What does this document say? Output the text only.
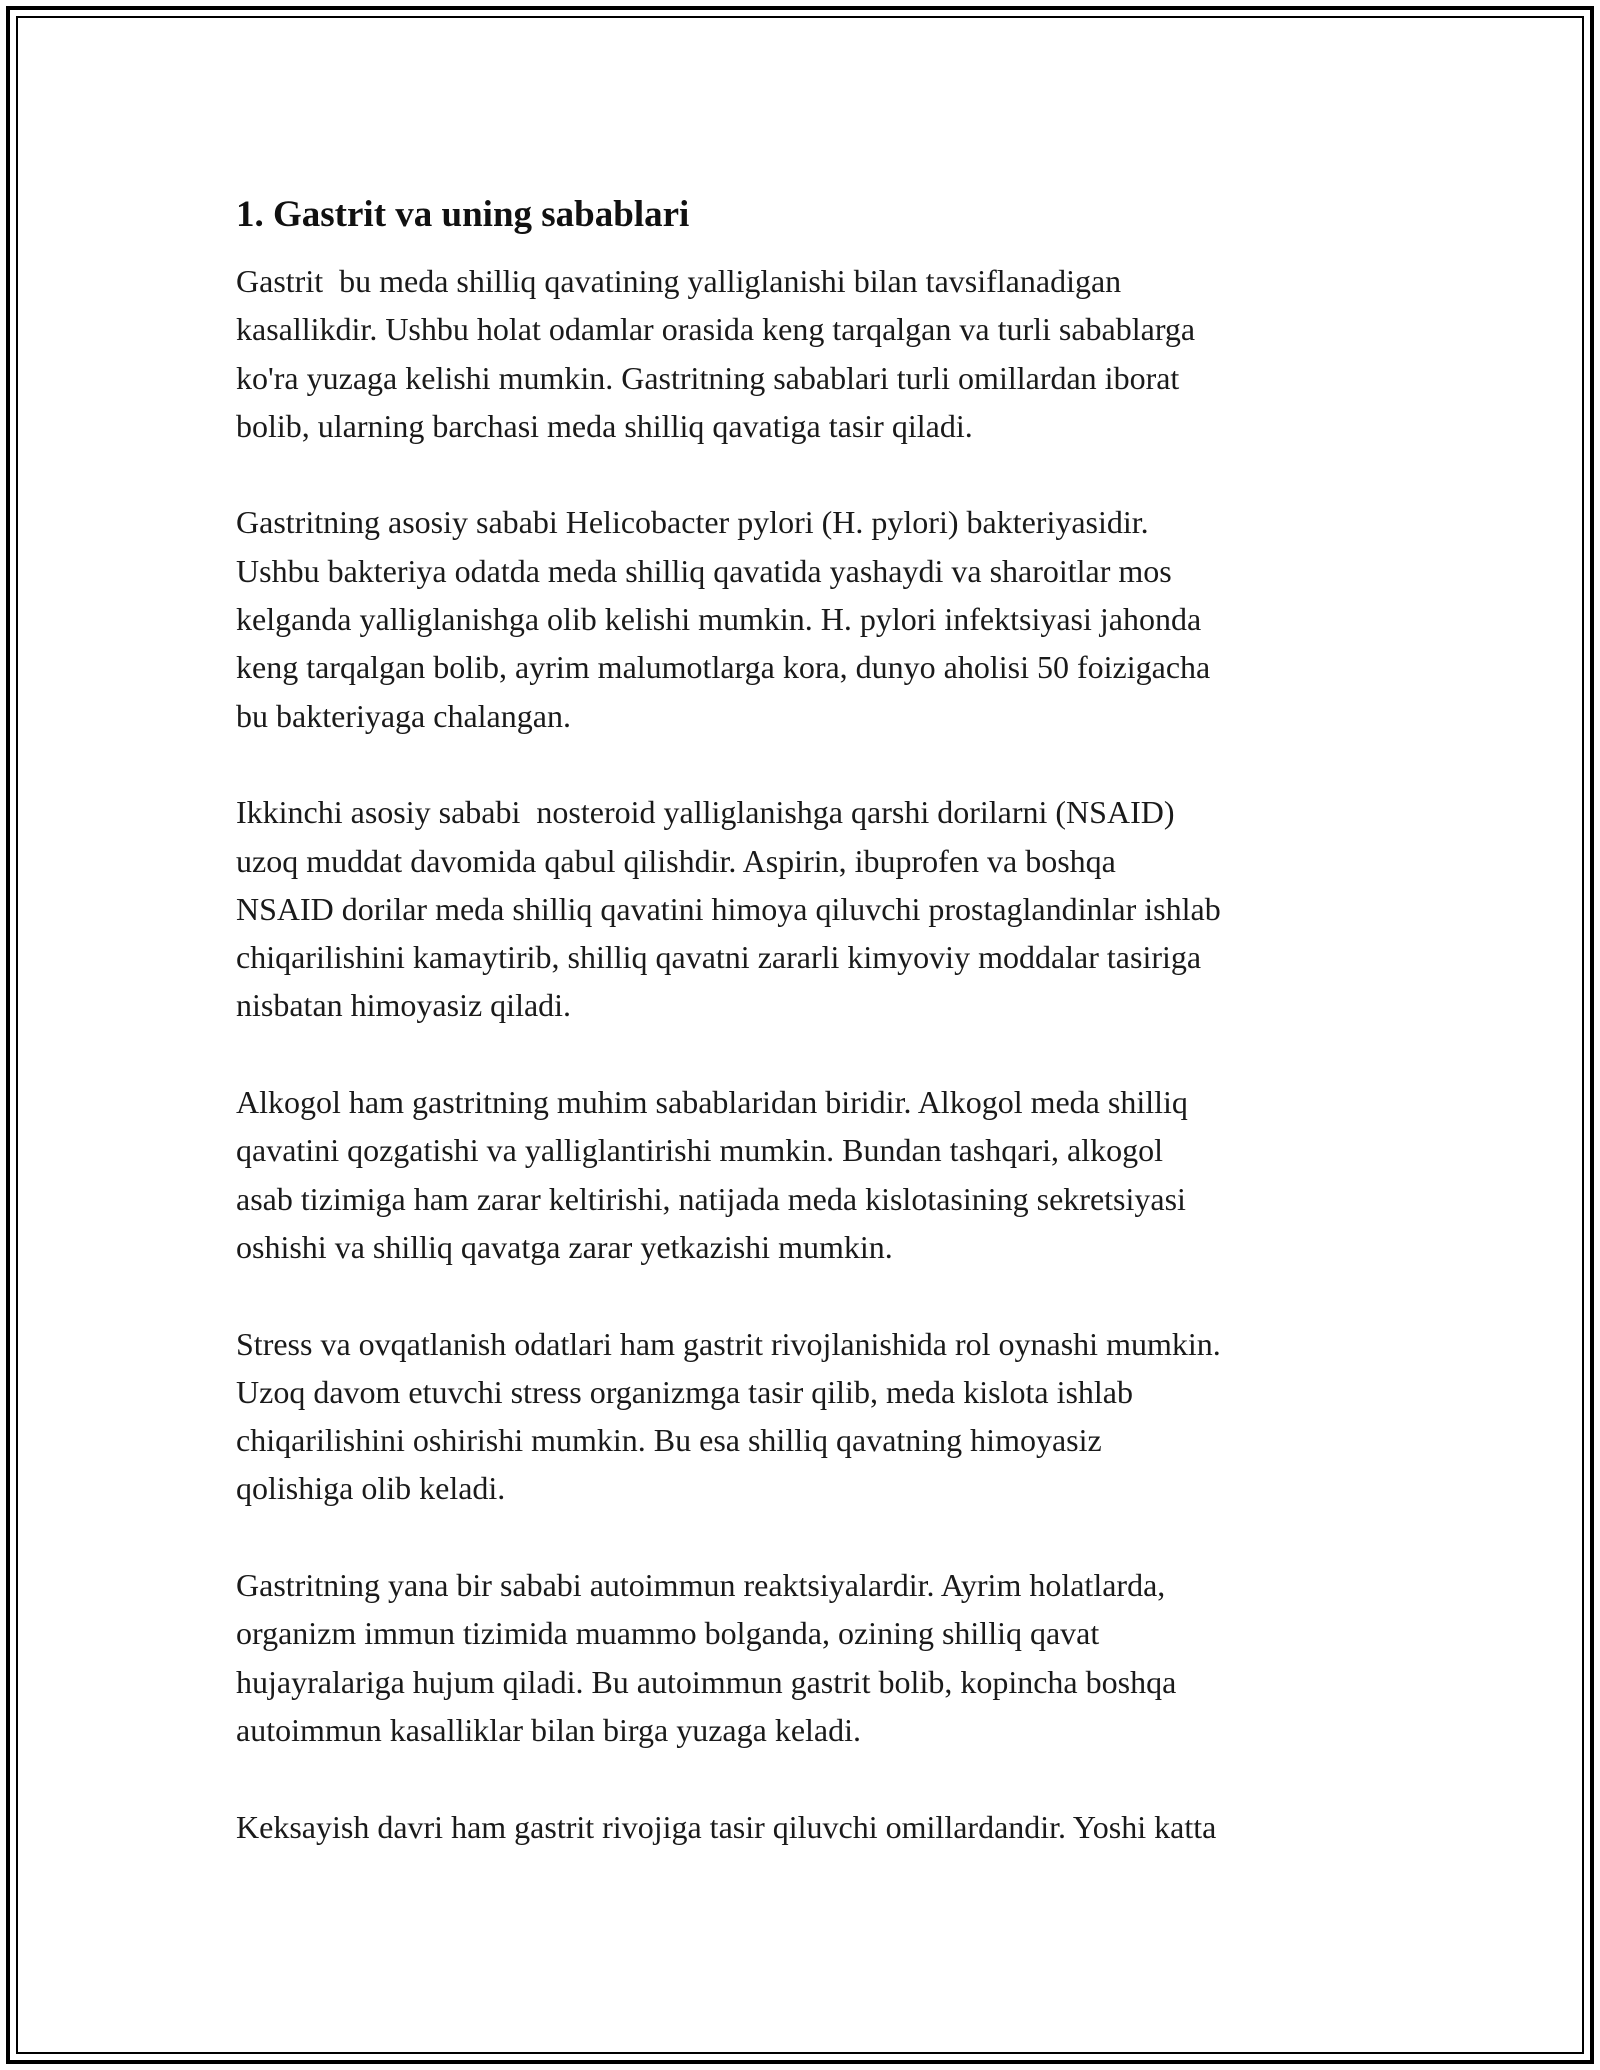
1. Gastrit va uning sabablari

Gastrit  bu meda shilliq qavatining yalliglanishi bilan tavsiflanadigan
kasallikdir. Ushbu holat odamlar orasida keng tarqalgan va turli sabablarga
ko'ra yuzaga kelishi mumkin. Gastritning sabablari turli omillardan iborat
bolib, ularning barchasi meda shilliq qavatiga tasir qiladi.

Gastritning asosiy sababi Helicobacter pylori (H. pylori) bakteriyasidir.
Ushbu bakteriya odatda meda shilliq qavatida yashaydi va sharoitlar mos
kelganda yalliglanishga olib kelishi mumkin. H. pylori infektsiyasi jahonda
keng tarqalgan bolib, ayrim malumotlarga kora, dunyo aholisi 50 foizigacha
bu bakteriyaga chalangan.

Ikkinchi asosiy sababi  nosteroid yalliglanishga qarshi dorilarni (NSAID)
uzoq muddat davomida qabul qilishdir. Aspirin, ibuprofen va boshqa
NSAID dorilar meda shilliq qavatini himoya qiluvchi prostaglandinlar ishlab
chiqarilishini kamaytirib, shilliq qavatni zararli kimyoviy moddalar tasiriga
nisbatan himoyasiz qiladi.

Alkogol ham gastritning muhim sabablaridan biridir. Alkogol meda shilliq
qavatini qozgatishi va yalliglantirishi mumkin. Bundan tashqari, alkogol
asab tizimiga ham zarar keltirishi, natijada meda kislotasining sekretsiyasi
oshishi va shilliq qavatga zarar yetkazishi mumkin.

Stress va ovqatlanish odatlari ham gastrit rivojlanishida rol oynashi mumkin.
Uzoq davom etuvchi stress organizmga tasir qilib, meda kislota ishlab
chiqarilishini oshirishi mumkin. Bu esa shilliq qavatning himoyasiz
qolishiga olib keladi.

Gastritning yana bir sababi autoimmun reaktsiyalardir. Ayrim holatlarda,
organizm immun tizimida muammo bolganda, ozining shilliq qavat
hujayralariga hujum qiladi. Bu autoimmun gastrit bolib, kopincha boshqa
autoimmun kasalliklar bilan birga yuzaga keladi.

Keksayish davri ham gastrit rivojiga tasir qiluvchi omillardandir. Yoshi katta
